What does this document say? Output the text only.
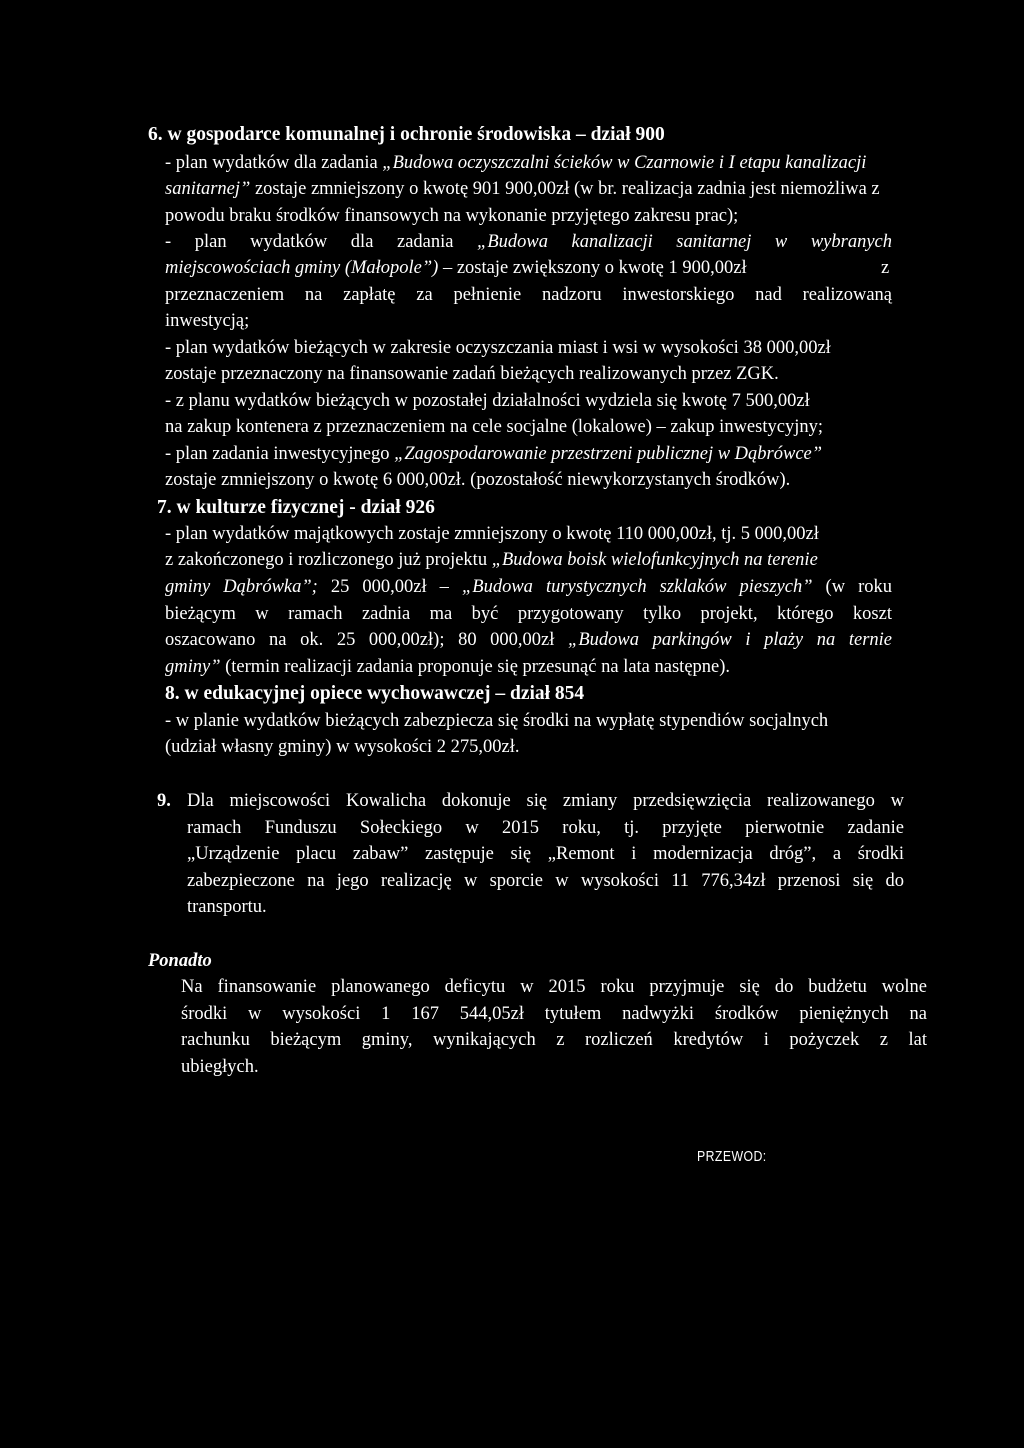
6. w gospodarce komunalnej i ochronie środowiska – dział 900
- plan wydatków dla zadania „Budowa oczyszczalni ścieków w Czarnowie i I etapu kanalizacji
sanitarnej” zostaje zmniejszony o kwotę 901 900,00zł (w br. realizacja zadnia jest niemożliwa z
powodu braku środków finansowych na wykonanie przyjętego zakresu prac);
- plan wydatków dla zadania „Budowa kanalizacji sanitarnej w wybranych
miejscowościach gminy (Małopole”) – zostaje zwiększony o kwotę 1 900,00zł	z
przeznaczeniem na zapłatę za pełnienie nadzoru inwestorskiego nad realizowaną
inwestycją;
- plan wydatków bieżących w zakresie oczyszczania miast i wsi w wysokości 38 000,00zł
zostaje przeznaczony na finansowanie zadań bieżących realizowanych przez ZGK.
- z planu wydatków bieżących w pozostałej działalności wydziela się kwotę 7 500,00zł
na zakup kontenera z przeznaczeniem na cele socjalne (lokalowe) – zakup inwestycyjny;
- plan zadania inwestycyjnego „Zagospodarowanie przestrzeni publicznej w Dąbrówce”
zostaje zmniejszony o kwotę 6 000,00zł. (pozostałość niewykorzystanych środków).
7. w kulturze fizycznej - dział 926
- plan wydatków majątkowych zostaje zmniejszony o kwotę 110 000,00zł, tj. 5 000,00zł
z zakończonego i rozliczonego już projektu „Budowa boisk wielofunkcyjnych na terenie
gminy Dąbrówka”; 25 000,00zł – „Budowa turystycznych szklaków pieszych” (w roku
bieżącym w ramach zadnia ma być przygotowany tylko projekt, którego koszt
oszacowano na ok. 25 000,00zł); 80 000,00zł „Budowa parkingów i plaży na ternie
gminy” (termin realizacji zadania proponuje się przesunąć na lata następne).
8. w edukacyjnej opiece wychowawczej – dział 854
- w planie wydatków bieżących zabezpiecza się środki na wypłatę stypendiów socjalnych
(udział własny gminy) w wysokości 2 275,00zł.
9. Dla miejscowości Kowalicha dokonuje się zmiany przedsięwzięcia realizowanego w
ramach Funduszu Sołeckiego w 2015 roku, tj. przyjęte pierwotnie zadanie
„Urządzenie placu zabaw” zastępuje się „Remont i modernizacja dróg”, a środki
zabezpieczone na jego realizację w sporcie w wysokości 11 776,34zł przenosi się do
transportu.
Ponadto
Na finansowanie planowanego deficytu w 2015 roku przyjmuje się do budżetu wolne
środki w wysokości 1 167 544,05zł tytułem nadwyżki środków pieniężnych na
rachunku bieżącym gminy, wynikających z rozliczeń kredytów i pożyczek z lat
ubiegłych.
PRZEWOD:
